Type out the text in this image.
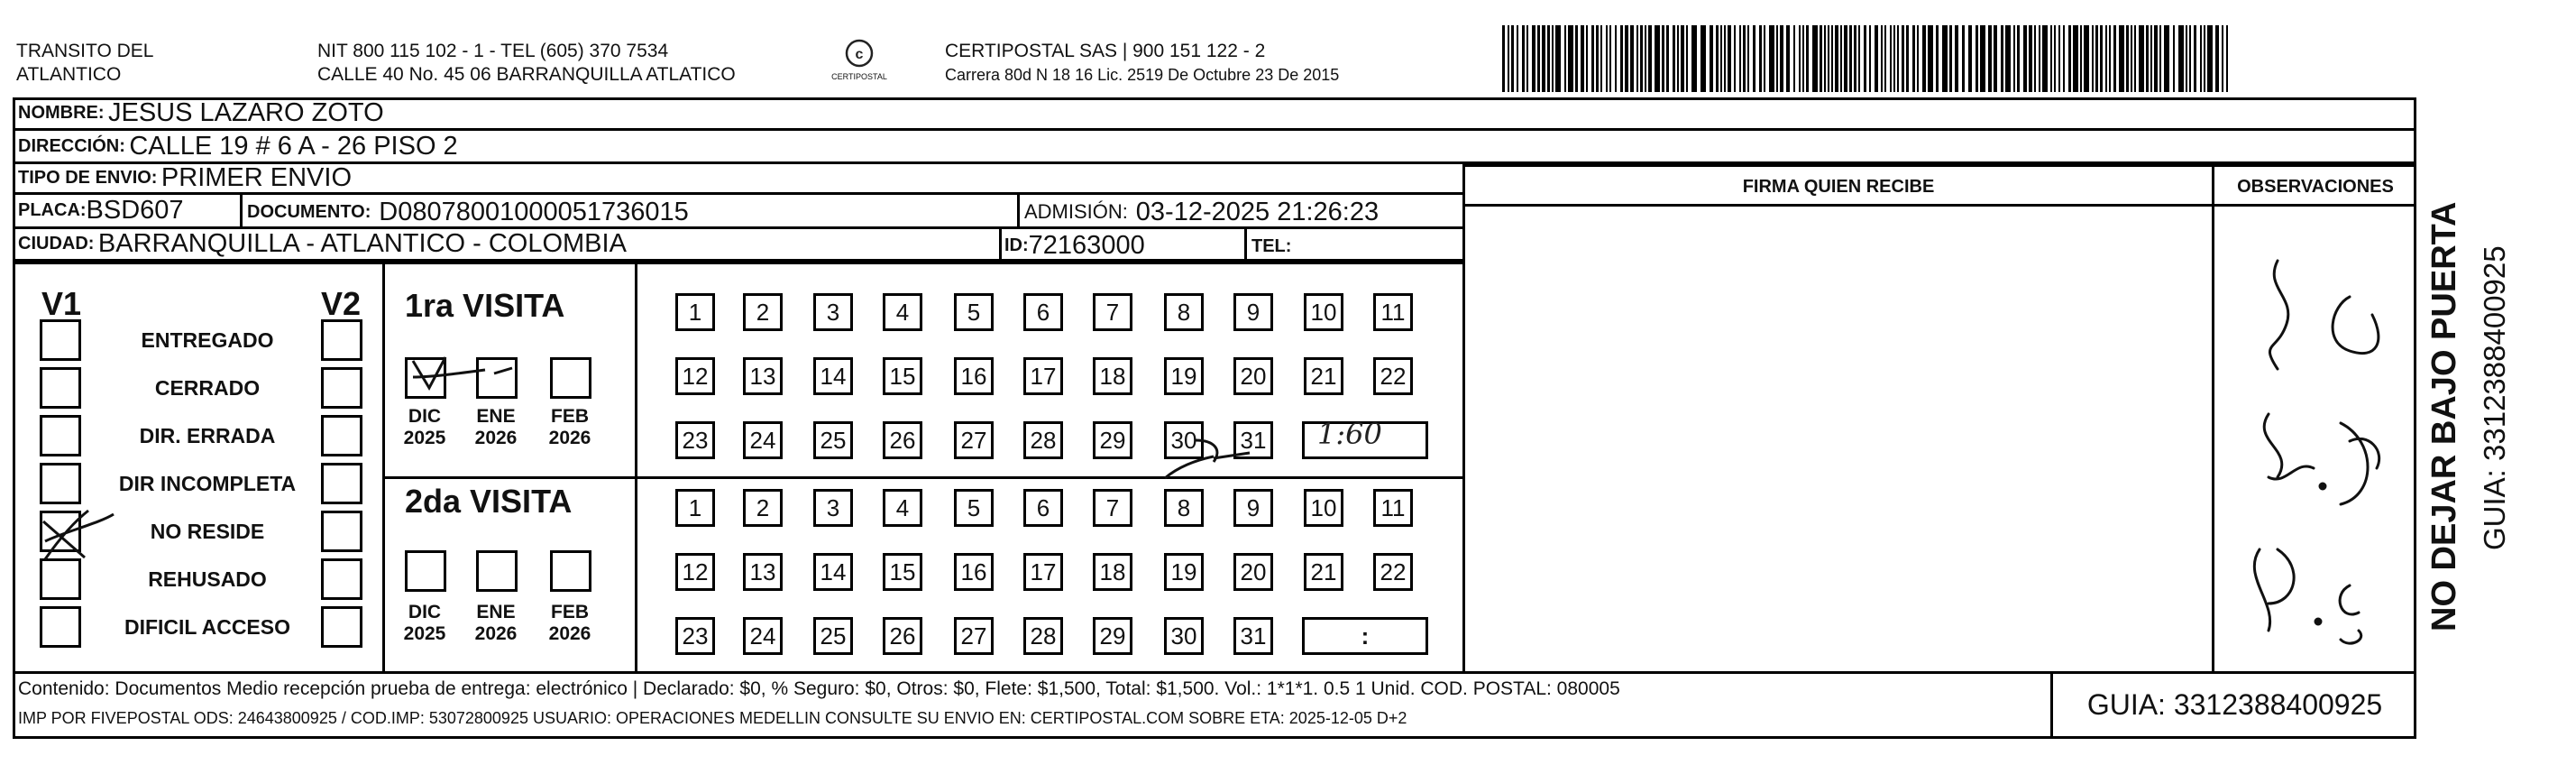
TRANSITO DEL
ATLANTICO
NIT 800 115 102 - 1 - TEL (605) 370 7534
CALLE 40 No. 45 06 BARRANQUILLA ATLATICO
c
CERTIPOSTAL
CERTIPOSTAL SAS | 900 151 122 - 2
Carrera 80d N 18 16 Lic. 2519 De Octubre 23 De 2015
NOMBRE:
JESUS LAZARO ZOTO
DIRECCIÓN:
CALLE 19 # 6 A - 26 PISO 2
TIPO DE ENVIO:
PRIMER ENVIO
PLACA: BSD607	DOCUMENTO:
D08078001000051736015	ADMISIÓN:
03-12-2025 21:26:23
CIUDAD:
BARRANQUILLA - ATLANTICO - COLOMBIA	ID: 72163000	TEL:
FIRMA QUIEN RECIBE	OBSERVACIONES
V1	V2
ENTREGADO
CERRADO
DIR. ERRADA
DIR INCOMPLETA
NO RESIDE
REHUSADO
DIFICIL ACCESO
1ra VISITA
2da VISITA
DIC
2025
ENE
2026
FEB
2026
DIC
2025
ENE
2026
FEB
2026
1	2	3	4	5	6	7	8	9	10	11
12 13 14 15 16 17 18 19 20 21 22
23 24 25 26 27 28 29 30 31
1	2	3	4	5	6	7	8	9	10	11
12 13 14 15 16 17 18 19 20 21 22
23 24 25 26 27 28 29 30 31
1:60
:
Contenido: Documentos Medio recepción prueba de entrega: electrónico | Declarado: $0, % Seguro: $0, Otros: $0, Flete: $1,500, Total: $1,500. Vol.: 1*1*1. 0.5 1 Unid. COD. POSTAL: 080005
IMP POR FIVEPOSTAL ODS: 24643800925 / COD.IMP: 53072800925 USUARIO: OPERACIONES MEDELLIN CONSULTE SU ENVIO EN: CERTIPOSTAL.COM SOBRE ETA: 2025-12-05 D+2	GUIA: 3312388400925
NO DEJAR BAJO PUERTA GUIA: 3312388400925
